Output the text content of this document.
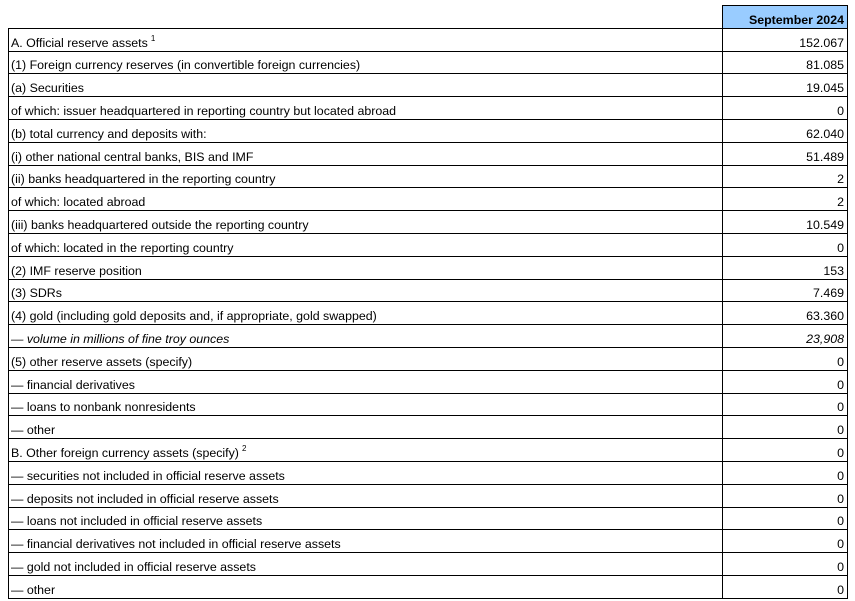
	September 2024
A. Official reserve assets $^1$	152.067
(1) Foreign currency reserves (in convertible foreign currencies)	81.085
(a) Securities	19.045
of which: issuer headquartered in reporting country but located abroad	0
(b) total currency and deposits with:	62.040
(i) other national central banks, BIS and IMF	51.489
(ii) banks headquartered in the reporting country	2
of which: located abroad	2
(iii) banks headquartered outside the reporting country	10.549
of which: located in the reporting country	0
(2) IMF reserve position	153
(3) SDRs	7.469
(4) gold (including gold deposits and, if appropriate, gold swapped)	63.360
— volume in millions of fine troy ounces	23,908
(5) other reserve assets (specify)	0
— financial derivatives	0
— loans to nonbank nonresidents	0
— other	0
B. Other foreign currency assets (specify) $^2$	0
— securities not included in official reserve assets	0
— deposits not included in official reserve assets	0
— loans not included in official reserve assets	0
— financial derivatives not included in official reserve assets	0
— gold not included in official reserve assets	0
— other	0
